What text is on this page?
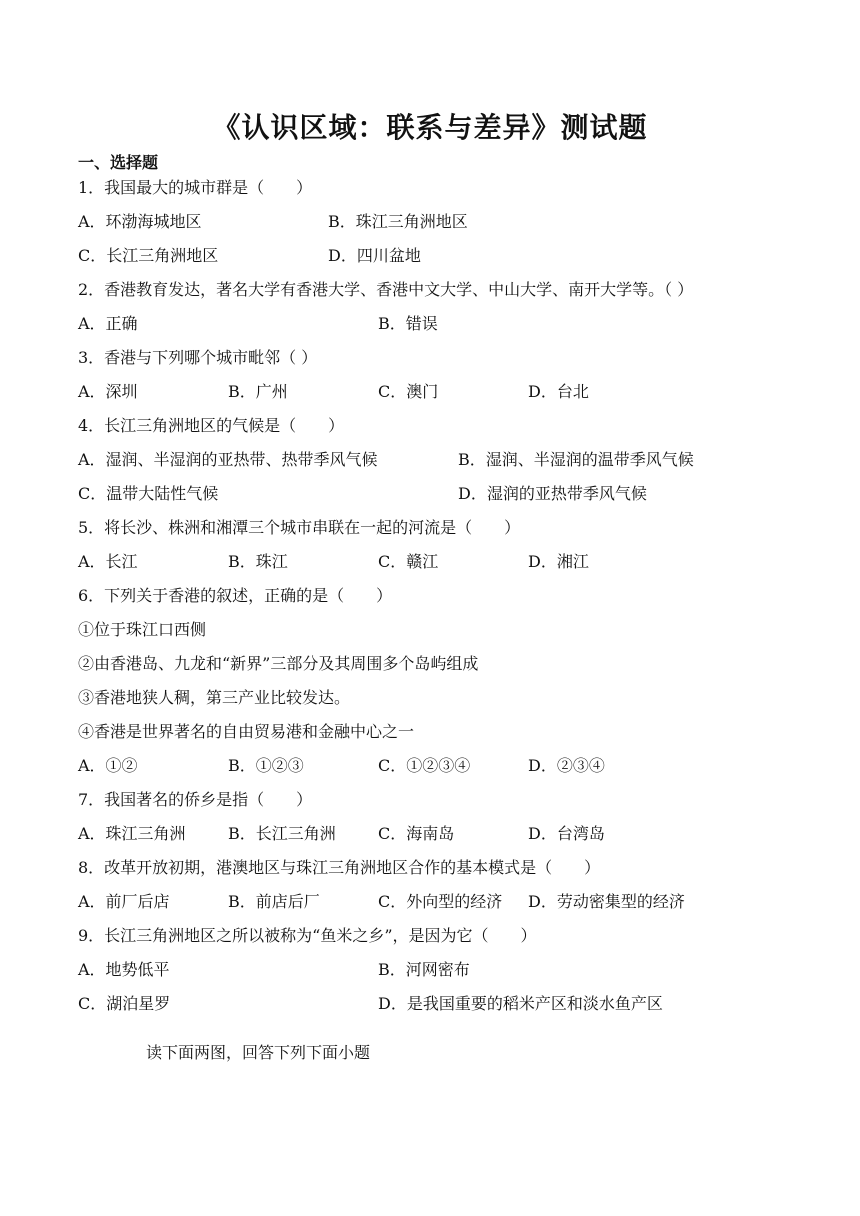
《认识区域：联系与差异》测试题
一、选择题
1．我国最大的城市群是（　　）
A．环渤海城地区	B．珠江三角洲地区
C．长江三角洲地区	D．四川盆地
2．香港教育发达，著名大学有香港大学、香港中文大学、中山大学、南开大学等。（ ）
A．正确	B．错误
3．香港与下列哪个城市毗邻（ ）
A．深圳	B．广州	C．澳门	D．台北
4．长江三角洲地区的气候是（　　）
A．湿润、半湿润的亚热带、热带季风气候	B．湿润、半湿润的温带季风气候
C．温带大陆性气候	D．湿润的亚热带季风气候
5．将长沙、株洲和湘潭三个城市串联在一起的河流是（　　）
A．长江	B．珠江	C．赣江	D．湘江
6．下列关于香港的叙述，正确的是（　　）
①位于珠江口西侧
②由香港岛、九龙和“新界”三部分及其周围多个岛屿组成
③香港地狭人稠，第三产业比较发达。
④香港是世界著名的自由贸易港和金融中心之一
A．①②	B．①②③	C．①②③④	D．②③④
7．我国著名的侨乡是指（　　）
A．珠江三角洲	B．长江三角洲	C．海南岛	D．台湾岛
8．改革开放初期，港澳地区与珠江三角洲地区合作的基本模式是（　　）
A．前厂后店	B．前店后厂	C．外向型的经济 D．劳动密集型的经济
9．长江三角洲地区之所以被称为“鱼米之乡”，是因为它（　　）
A．地势低平	B．河网密布
C．湖泊星罗	D．是我国重要的稻米产区和淡水鱼产区
读下面两图，回答下列下面小题
